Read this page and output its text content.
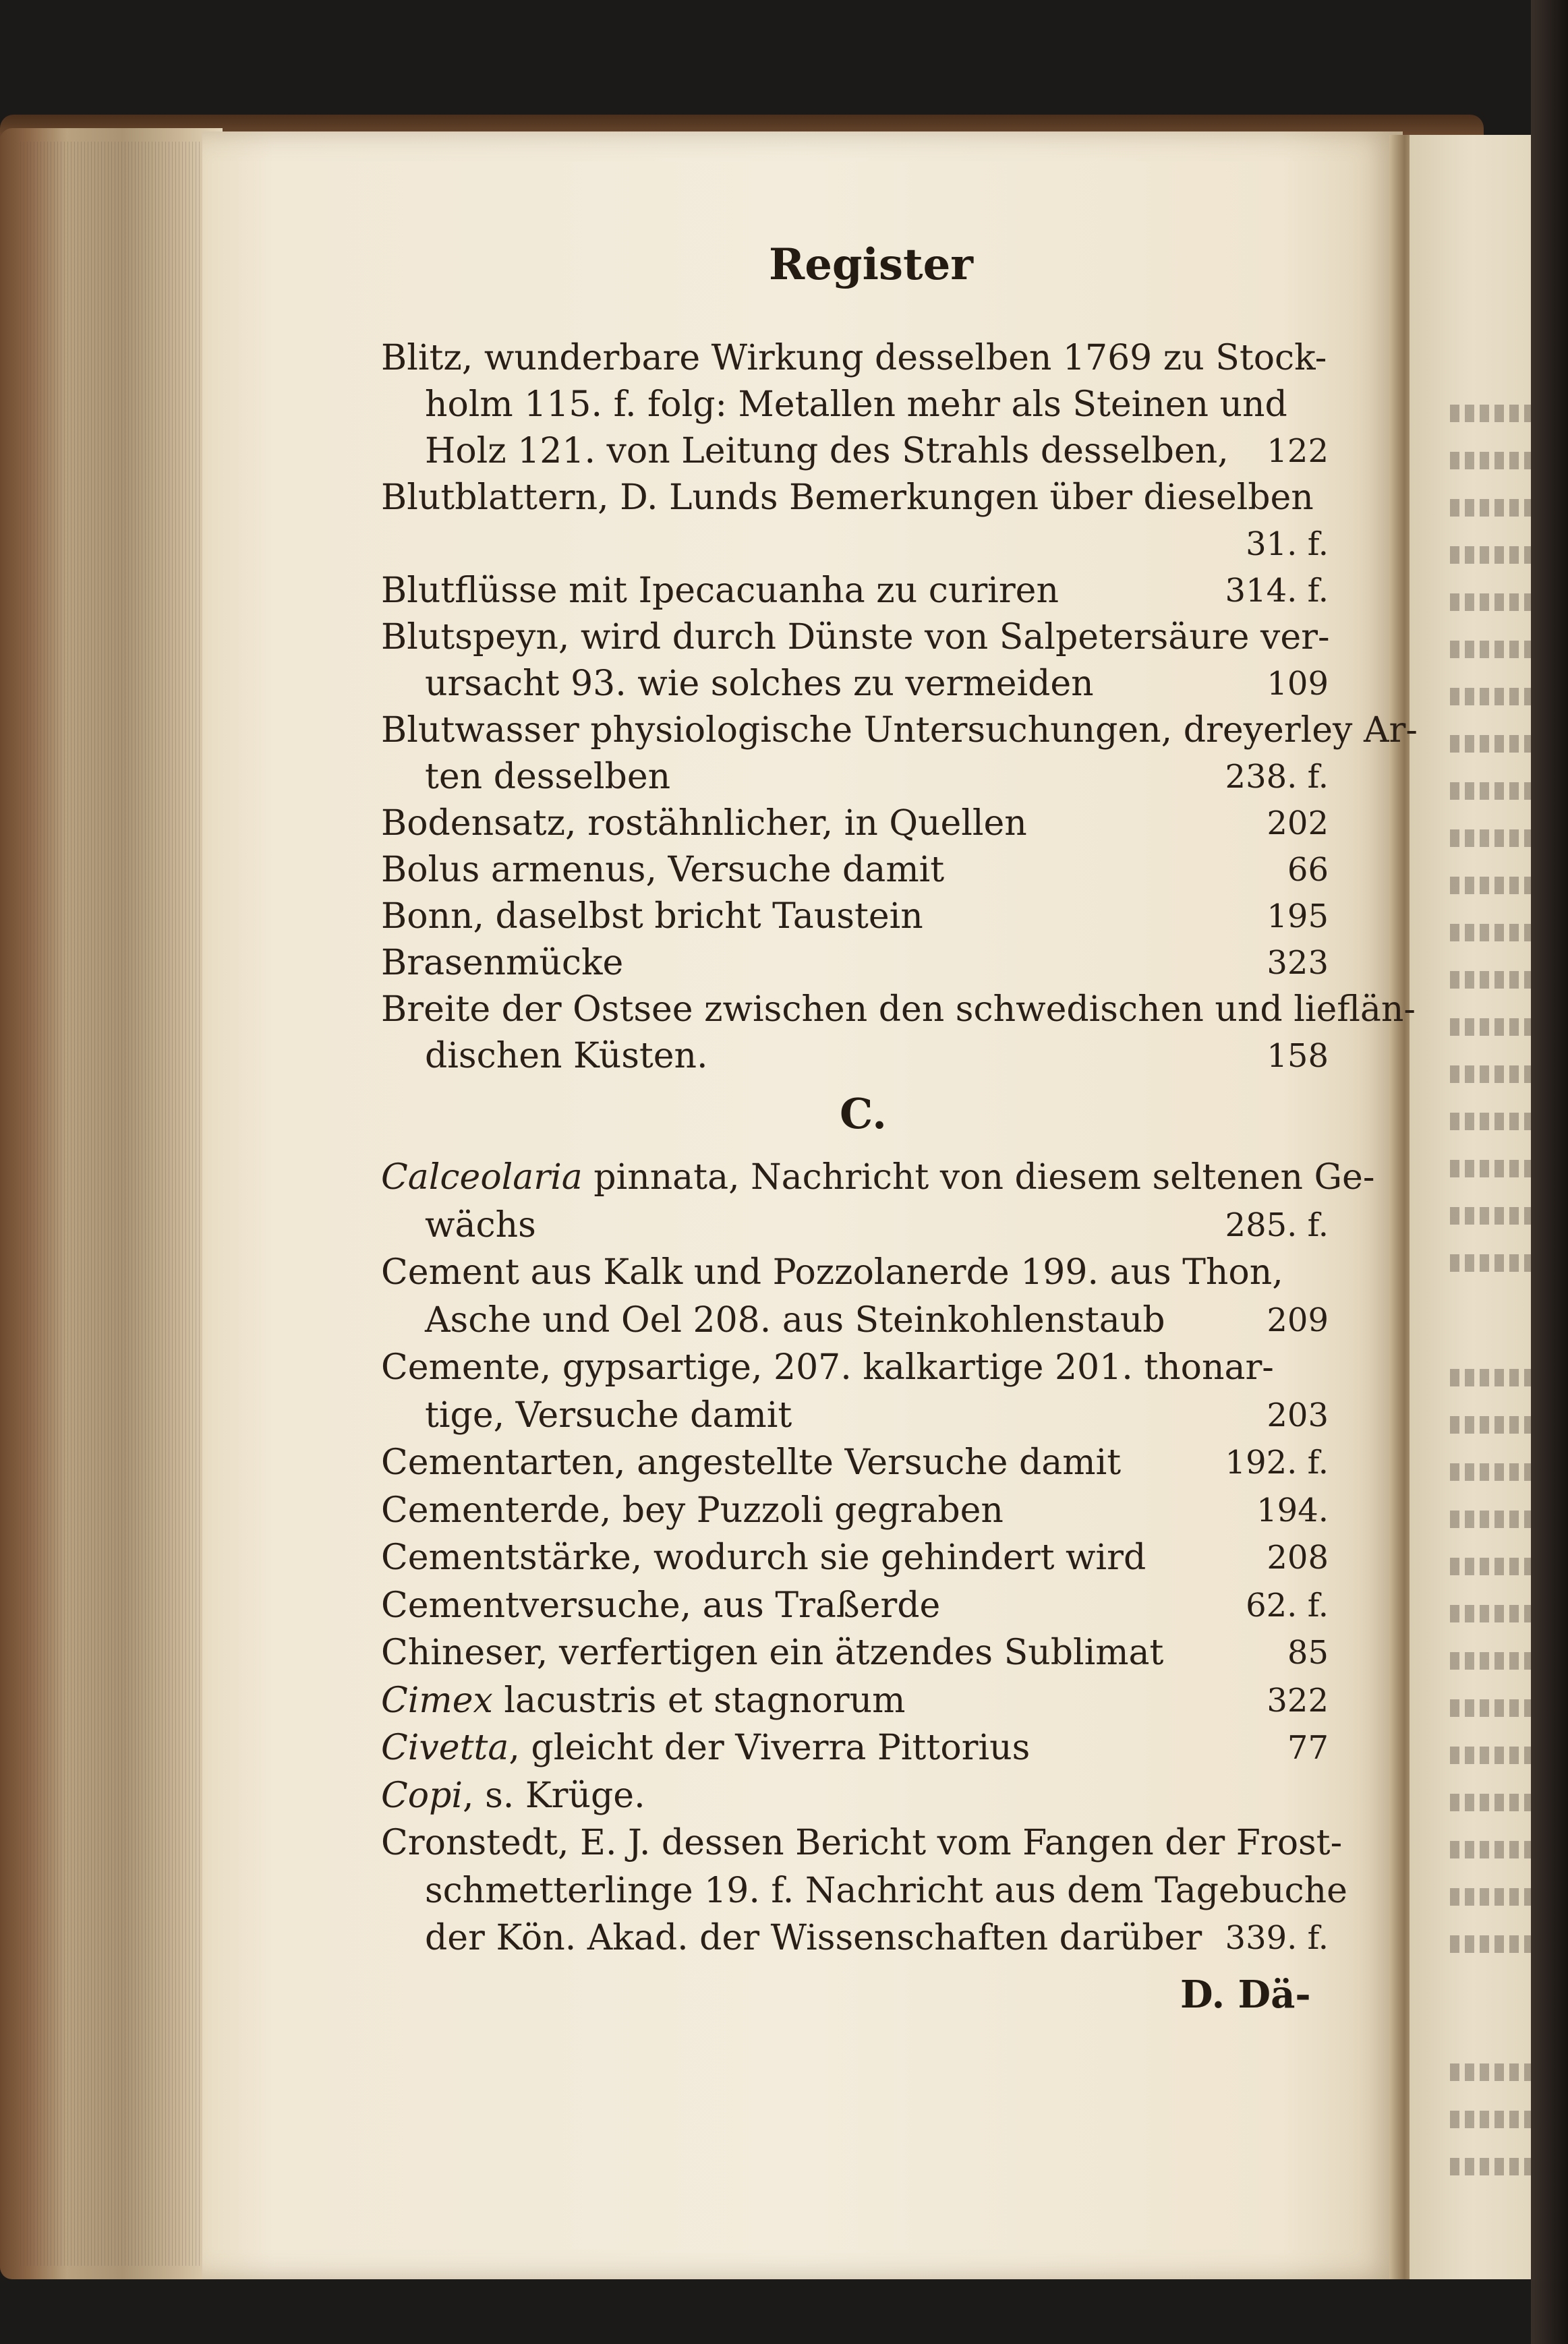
Register
Blitz, wunderbare Wirkung desselben 1769 zu Stock-
holm 115. f. folg: Metallen mehr als Steinen und
Holz 121. von Leitung des Strahls desselben, 122
Blutblattern, D. Lunds Bemerkungen über dieselben
31. f.
Blutflüsse mit Ipecacuanha zu curiren	314. f.
Blutspeyn, wird durch Dünste von Salpetersäure ver-
ursacht 93. wie solches zu vermeiden	109
Blutwasser physiologische Untersuchungen, dreyerley Ar-
ten desselben	238. f.
Bodensatz, rostähnlicher, in Quellen	202
Bolus armenus, Versuche damit	66
Bonn, daselbst bricht Taustein	195
Brasenmücke	323
Breite der Ostsee zwischen den schwedischen und lieflän-
dischen Küsten.	158
C.
Calceolaria pinnata, Nachricht von diesem seltenen Ge-
wächs	285. f.
Cement aus Kalk und Pozzolanerde 199. aus Thon,
Asche und Oel 208. aus Steinkohlenstaub	209
Cemente, gypsartige, 207. kalkartige 201. thonar-
tige, Versuche damit	203
Cementarten, angestellte Versuche damit	192. f.
Cementerde, bey Puzzoli gegraben	194.
Cementstärke, wodurch sie gehindert wird	208
Cementversuche, aus Traßerde	62. f.
Chineser, verfertigen ein ätzendes Sublimat	85
Cimex lacustris et stagnorum	322
Civetta, gleicht der Viverra Pittorius	77
Copi, s. Krüge.
Cronstedt, E. J. dessen Bericht vom Fangen der Frost-
schmetterlinge 19. f. Nachricht aus dem Tagebuche
der Kön. Akad. der Wissenschaften darüber 339. f.
D. Dä-
